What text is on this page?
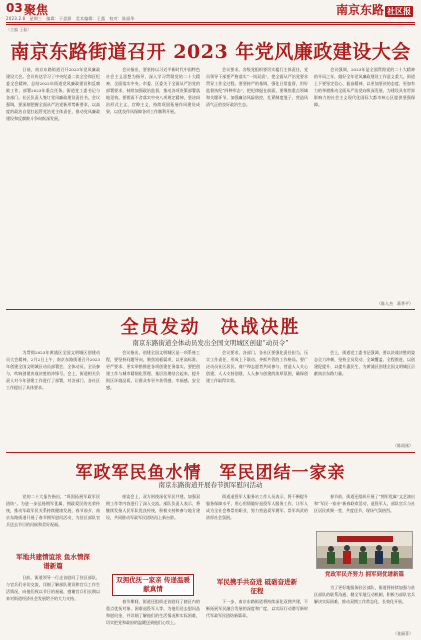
03 聚焦	南京东路 社区报
2023.2.8　星期三　编辑：于思源　美术编辑：王露　校对：陈丽华
（主编 王磊）
南京东路街道召开 2023 年党风廉政建设大会

　　日前，南京东路街道召开2023年党风廉政建设大会。会议传达学习了中央纪委二次全会和区纪委全会精神，总结2022年街道党风廉政建设和反腐败工作，部署2023年重点任务。街道党工委书记与各部门、社区负责人签订党风廉政建设责任书。会议强调，要深刻把握全面从严治党新形势新要求，以高度的政治自觉扛起管党治党主体责任，推动党风廉政建设和反腐败斗争向纵深发展。

　　会议指出，要坚持以习近平新时代中国特色社会主义思想为指导，深入学习贯彻党的二十大精神，全面落实中央、市委、区委关于全面从严治党的部署要求，持续加强政治监督，推动各项决策部署落地见效。要锲而不舍落实中央八项规定精神，坚决纠治形式主义、官僚主义，持续巩固拓展作风建设成果，以优良作风保障各项工作顺利开展。

　　会议要求，各级党组织要切实履行主体责任，党员领导干部要严格落实“一岗双责”，把全面从严治党要求贯穿工作全过程。要坚持严的基调，强化日常监督，用好监督执纪“四种形态”，把纪律挺在前面。要聚焦重点领域和关键环节，加强廉洁风险防控，扎紧制度笼子，营造风清气正的良好政治生态。

　　会议强调，2023年是全面贯彻党的二十大精神的开局之年，做好全年党风廉政建设工作意义重大。街道上下要坚定信心、振奋精神，以更加坚决的态度、更加有力的举措推动全面从严治党向纵深发展，为建设具有世界影响力的社会主义现代化国际大都市核心区提供坚强保障。

（陈人杰　蒋季平）
全员发动　决战决胜
南京东路街道全体动员发出全国文明城区创建“动员令”

　　为贯彻2023年黄浦区全国文明城区创建动员大会精神，2月2日上午，南京东路街道召开2023年创建全国文明城区动员部署会，全体动员、全员参与，吹响创建决战决胜的冲锋号。会上，街道相关负责人对今年创建工作进行了部署，对各部门、各社区工作提出了具体要求。

　　会议指出，创建全国文明城区是一项系统工程，要坚持问题导向，聚焦短板弱项，以更高标准、更严要求、更实举措推进各项创建任务落实。要把创建工作与城市精细化管理、基层治理结合起来，提升街区环境品质，让群众有更多获得感、幸福感、安全感。

　　会议要求，各部门、各社区要强化责任担当，压实工作责任，形成上下联动、齐抓共管的工作格局。要广泛动员社区居民、商户和志愿者共同参与，营造人人关心创建、人人支持创建、人人参与创建的浓厚氛围，确保创建工作取得实效。

　　会上，街道党工委书记强调，要以决战决胜的姿态全力冲刺，坚持全员发动、全域覆盖、全程推进，以创建促提升、以提升惠民生，为黄浦区创建全国文明城区贡献南京东路力量。

（陈雨丝）
军政军民鱼水情　军民团结一家亲
南京东路街道开展春节拥军慰问活动

　　党的二十大报告指出，“巩固拓展军政军民团结”。为进一步弘扬拥军优属、拥政爱民的光荣传统，推动军政军民关系持续健康发展，春节前夕，南京东路街道开展了春节拥军慰问活动，为驻区部队官兵送去节日的问候和美好祝福。

军地共建情谊浓 鱼水情深谱新篇

　　日前，街道领导一行走访慰问了驻区部队，与官兵们亲切交流，详细了解部队建设和官兵工作生活情况，向他们致以节日的祝福，感谢官兵们长期以来对街道经济社会发展给予的大力支持。

　　座谈会上，双方围绕深化军民共建、加强双拥工作等内容进行了深入交流。部队负责人表示，将继续发扬人民军队优良传统，积极支持和参与地方建设，共同推动军政军民团结再上新台阶。

双拥优抚一家亲 传递温暖献真情

　　春节期间，街道还组织走访慰问了辖区内的重点优抚对象、困难退役军人等，为他们送去慰问品和慰问金，并详细了解他们的生活情况和实际困难，切实把党和政府的温暖送到他们心坎上。

　　街道退役军人服务站工作人员表示，将不断提升服务保障水平，用心用情做好退役军人服务工作，让军人成为全社会尊崇的职业，努力营造爱军拥军、崇军尚武的浓厚社会氛围。

军民携手共奋进 砥砺奋进新征程

　　下一步，南京东路街道将持续深化双拥共建，不断拓展军民融合发展的深度和广度，以实际行动谱写新时代军政军民团结新篇章。

　　春节前，街道还组织开展了“拥军优属”文艺演出和“军民一家亲”新春联欢活动，退役军人、部队官兵与社区居民欢聚一堂，共度佳节，现场气氛热烈。

党政军民齐努力 拥军到优谱新篇

　　为了更好地服务驻区部队，街道将持续加强与驻区部队的联系沟通，健全军地互动机制，积极为部队官兵解决实际困难，推动双拥工作常态化、长效化开展。

（张丽菲）
